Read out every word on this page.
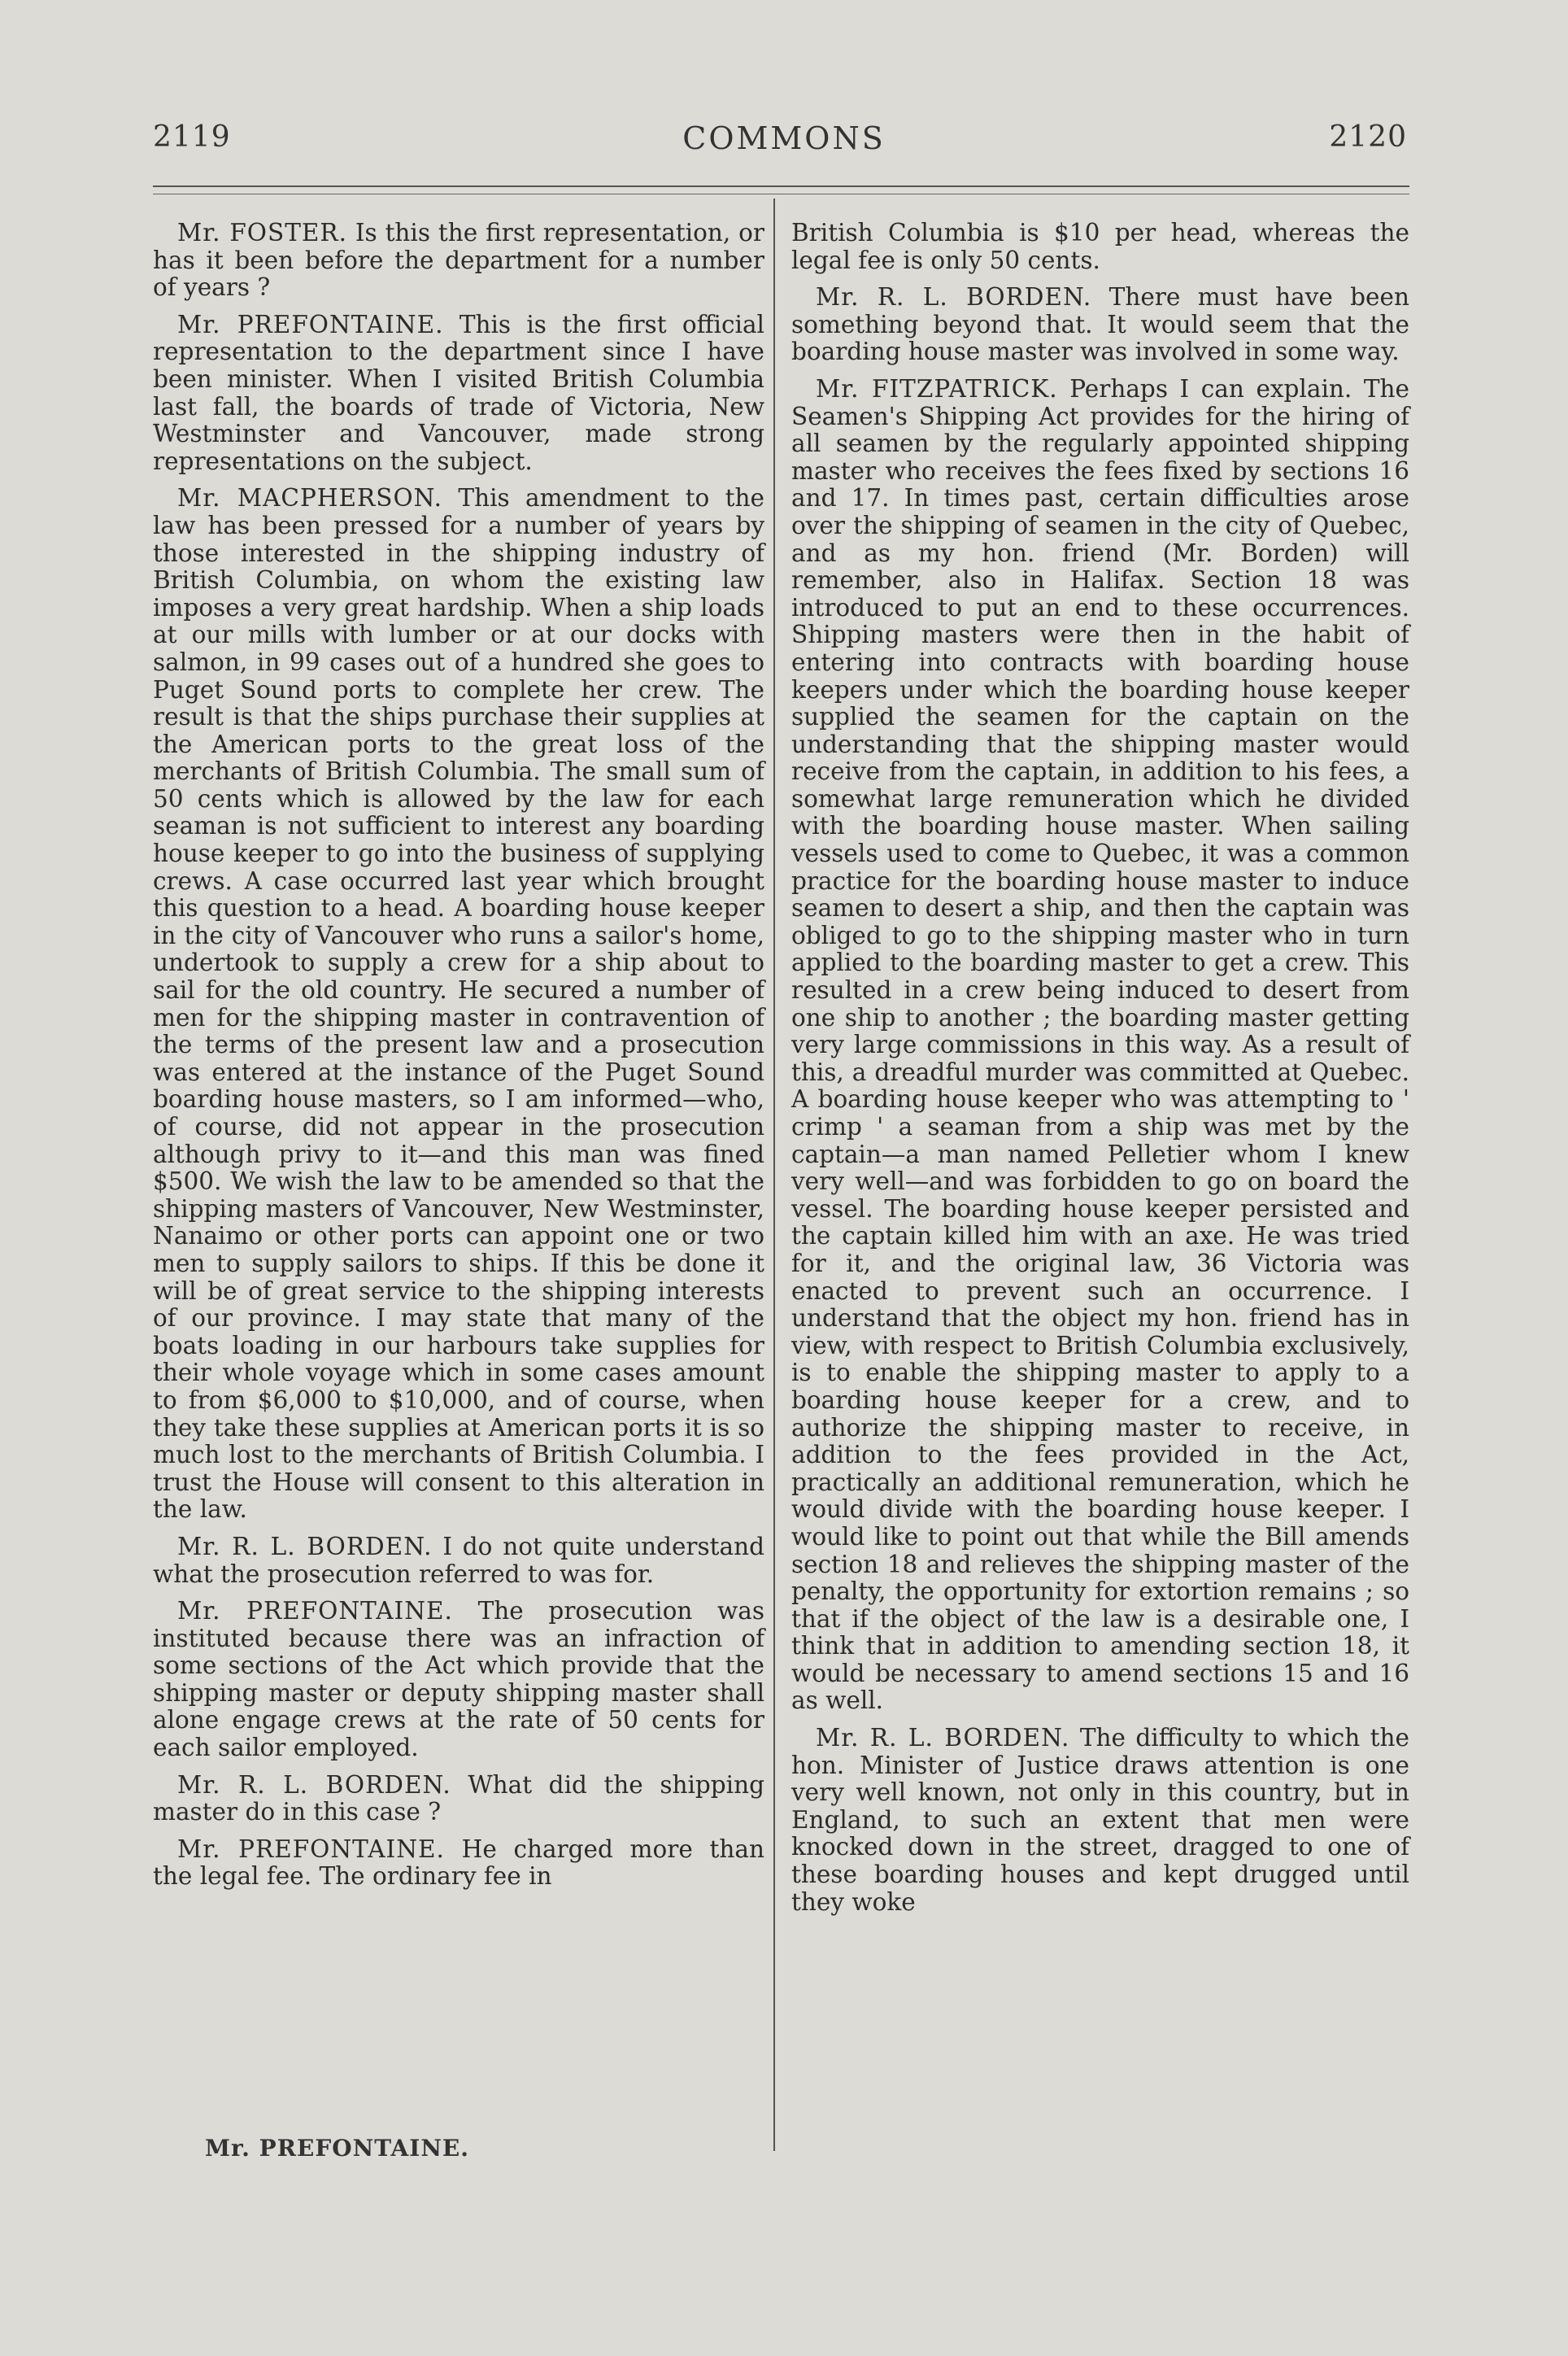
2119	COMMONS	2120

Mr. FOSTER. Is this the first representation, or has it been before the department for a number of years ?

Mr. PREFONTAINE. This is the first official representation to the department since I have been minister. When I visited British Columbia last fall, the boards of trade of Victoria, New Westminster and Vancouver, made strong representations on the subject.

Mr. MACPHERSON. This amendment to the law has been pressed for a number of years by those interested in the shipping industry of British Columbia, on whom the existing law imposes a very great hardship. When a ship loads at our mills with lumber or at our docks with salmon, in 99 cases out of a hundred she goes to Puget Sound ports to complete her crew. The result is that the ships purchase their supplies at the American ports to the great loss of the merchants of British Columbia. The small sum of 50 cents which is allowed by the law for each seaman is not sufficient to interest any boarding house keeper to go into the business of supplying crews. A case occurred last year which brought this question to a head. A boarding house keeper in the city of Vancouver who runs a sailor's home, undertook to supply a crew for a ship about to sail for the old country. He secured a number of men for the shipping master in contravention of the terms of the present law and a prosecution was entered at the instance of the Puget Sound boarding house masters, so I am informed—who, of course, did not appear in the prosecution although privy to it—and this man was fined $500. We wish the law to be amended so that the shipping masters of Vancouver, New Westminster, Nanaimo or other ports can appoint one or two men to supply sailors to ships. If this be done it will be of great service to the shipping interests of our province. I may state that many of the boats loading in our harbours take supplies for their whole voyage which in some cases amount to from $6,000 to $10,000, and of course, when they take these supplies at American ports it is so much lost to the merchants of British Columbia. I trust the House will consent to this alteration in the law.

Mr. R. L. BORDEN. I do not quite understand what the prosecution referred to was for.

Mr. PREFONTAINE. The prosecution was instituted because there was an infraction of some sections of the Act which provide that the shipping master or deputy shipping master shall alone engage crews at the rate of 50 cents for each sailor employed.

Mr. R. L. BORDEN. What did the shipping master do in this case ?

Mr. PREFONTAINE. He charged more than the legal fee. The ordinary fee in

British Columbia is $10 per head, whereas the legal fee is only 50 cents.

Mr. R. L. BORDEN. There must have been something beyond that. It would seem that the boarding house master was involved in some way.

Mr. FITZPATRICK. Perhaps I can explain. The Seamen's Shipping Act provides for the hiring of all seamen by the regularly appointed shipping master who receives the fees fixed by sections 16 and 17. In times past, certain difficulties arose over the shipping of seamen in the city of Quebec, and as my hon. friend (Mr. Borden) will remember, also in Halifax. Section 18 was introduced to put an end to these occurrences. Shipping masters were then in the habit of entering into contracts with boarding house keepers under which the boarding house keeper supplied the seamen for the captain on the understanding that the shipping master would receive from the captain, in addition to his fees, a somewhat large remuneration which he divided with the boarding house master. When sailing vessels used to come to Quebec, it was a common practice for the boarding house master to induce seamen to desert a ship, and then the captain was obliged to go to the shipping master who in turn applied to the boarding master to get a crew. This resulted in a crew being induced to desert from one ship to another ; the boarding master getting very large commissions in this way. As a result of this, a dreadful murder was committed at Quebec. A boarding house keeper who was attempting to ' crimp ' a seaman from a ship was met by the captain—a man named Pelletier whom I knew very well—and was forbidden to go on board the vessel. The boarding house keeper persisted and the captain killed him with an axe. He was tried for it, and the original law, 36 Victoria was enacted to prevent such an occurrence. I understand that the object my hon. friend has in view, with respect to British Columbia exclusively, is to enable the shipping master to apply to a boarding house keeper for a crew, and to authorize the shipping master to receive, in addition to the fees provided in the Act, practically an additional remuneration, which he would divide with the boarding house keeper. I would like to point out that while the Bill amends section 18 and relieves the shipping master of the penalty, the opportunity for extortion remains ; so that if the object of the law is a desirable one, I think that in addition to amending section 18, it would be necessary to amend sections 15 and 16 as well.

Mr. R. L. BORDEN. The difficulty to which the hon. Minister of Justice draws attention is one very well known, not only in this country, but in England, to such an extent that men were knocked down in the street, dragged to one of these boarding houses and kept drugged until they woke

Mr. PREFONTAINE.
